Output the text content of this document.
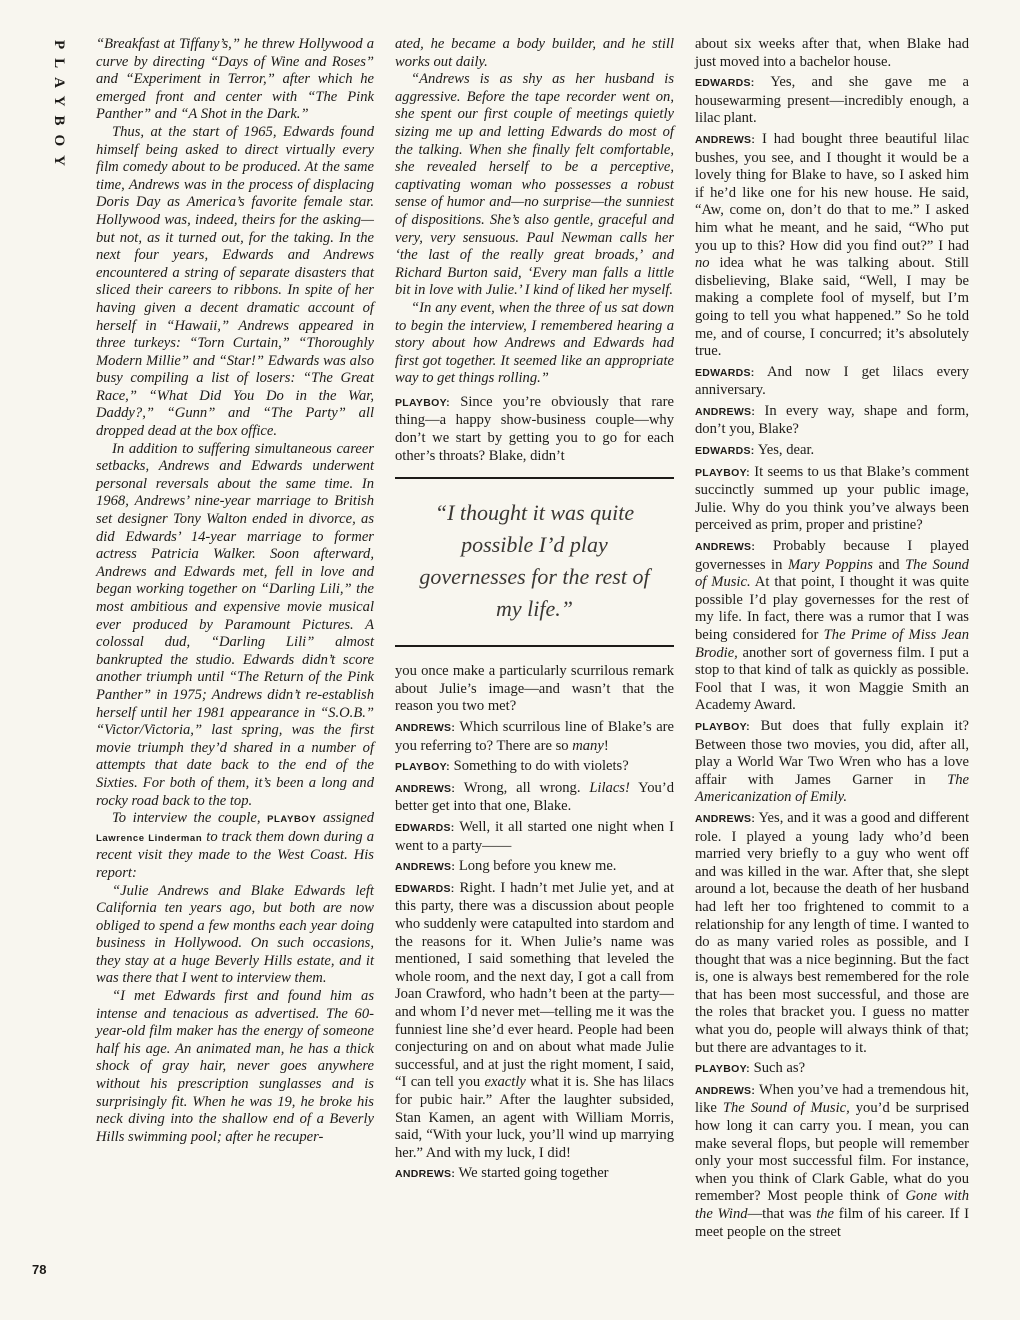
PLAYBOY
78

“Breakfast at Tiffany’s,” he threw Hollywood a curve by directing “Days of Wine and Roses” and “Experiment in Terror,” after which he emerged front and center with “The Pink Panther” and “A Shot in the Dark.”

Thus, at the start of 1965, Edwards found himself being asked to direct virtually every film comedy about to be produced. At the same time, Andrews was in the process of displacing Doris Day as America’s favorite female star. Hollywood was, indeed, theirs for the asking—but not, as it turned out, for the taking. In the next four years, Edwards and Andrews encountered a string of separate disasters that sliced their careers to ribbons. In spite of her having given a decent dramatic account of herself in “Hawaii,” Andrews appeared in three turkeys: “Torn Curtain,” “Thoroughly Modern Millie” and “Star!” Edwards was also busy compiling a list of losers: “The Great Race,” “What Did You Do in the War, Daddy?,” “Gunn” and “The Party” all dropped dead at the box office.

In addition to suffering simultaneous career setbacks, Andrews and Edwards underwent personal reversals about the same time. In 1968, Andrews’ nine-year marriage to British set designer Tony Walton ended in divorce, as did Edwards’ 14-year marriage to former actress Patricia Walker. Soon afterward, Andrews and Edwards met, fell in love and began working together on “Darling Lili,” the most ambitious and expensive movie musical ever produced by Paramount Pictures. A colossal dud, “Darling Lili” almost bankrupted the studio. Edwards didn’t score another triumph until “The Return of the Pink Panther” in 1975; Andrews didn’t re-establish herself until her 1981 appearance in “S.O.B.” “Victor/Victoria,” last spring, was the first movie triumph they’d shared in a number of attempts that date back to the end of the Sixties. For both of them, it’s been a long and rocky road back to the top.

To interview the couple, PLAYBOY assigned Lawrence Linderman to track them down during a recent visit they made to the West Coast. His report:

“Julie Andrews and Blake Edwards left California ten years ago, but both are now obliged to spend a few months each year doing business in Hollywood. On such occasions, they stay at a huge Beverly Hills estate, and it was there that I went to interview them.

“I met Edwards first and found him as intense and tenacious as advertised. The 60-year-old film maker has the energy of someone half his age. An animated man, he has a thick shock of gray hair, never goes anywhere without his prescription sunglasses and is surprisingly fit. When he was 19, he broke his neck diving into the shallow end of a Beverly Hills swimming pool; after he recuper-

ated, he became a body builder, and he still works out daily.

“Andrews is as shy as her husband is aggressive. Before the tape recorder went on, she spent our first couple of meetings quietly sizing me up and letting Edwards do most of the talking. When she finally felt comfortable, she revealed herself to be a perceptive, captivating woman who possesses a robust sense of humor and—no surprise—the sunniest of dispositions. She’s also gentle, graceful and very, very sensuous. Paul Newman calls her ‘the last of the really great broads,’ and Richard Burton said, ‘Every man falls a little bit in love with Julie.’ I kind of liked her myself.

“In any event, when the three of us sat down to begin the interview, I remembered hearing a story about how Andrews and Edwards had first got together. It seemed like an appropriate way to get things rolling.”

PLAYBOY: Since you’re obviously that rare thing—a happy show-business couple—why don’t we start by getting you to go for each other’s throats? Blake, didn’t

“I thought it was quite possible I’d play governesses for the rest of my life.”

you once make a particularly scurrilous remark about Julie’s image—and wasn’t that the reason you two met?

ANDREWS: Which scurrilous line of Blake’s are you referring to? There are so many!

PLAYBOY: Something to do with violets?

ANDREWS: Wrong, all wrong. Lilacs! You’d better get into that one, Blake.

EDWARDS: Well, it all started one night when I went to a party——

ANDREWS: Long before you knew me.

EDWARDS: Right. I hadn’t met Julie yet, and at this party, there was a discussion about people who suddenly were catapulted into stardom and the reasons for it. When Julie’s name was mentioned, I said something that leveled the whole room, and the next day, I got a call from Joan Crawford, who hadn’t been at the party—and whom I’d never met—telling me it was the funniest line she’d ever heard. People had been conjecturing on and on about what made Julie successful, and at just the right moment, I said, “I can tell you exactly what it is. She has lilacs for pubic hair.” After the laughter subsided, Stan Kamen, an agent with William Morris, said, “With your luck, you’ll wind up marrying her.” And with my luck, I did!

ANDREWS: We started going together

about six weeks after that, when Blake had just moved into a bachelor house.

EDWARDS: Yes, and she gave me a housewarming present—incredibly enough, a lilac plant.

ANDREWS: I had bought three beautiful lilac bushes, you see, and I thought it would be a lovely thing for Blake to have, so I asked him if he’d like one for his new house. He said, “Aw, come on, don’t do that to me.” I asked him what he meant, and he said, “Who put you up to this? How did you find out?” I had no idea what he was talking about. Still disbelieving, Blake said, “Well, I may be making a complete fool of myself, but I’m going to tell you what happened.” So he told me, and of course, I concurred; it’s absolutely true.

EDWARDS: And now I get lilacs every anniversary.

ANDREWS: In every way, shape and form, don’t you, Blake?

EDWARDS: Yes, dear.

PLAYBOY: It seems to us that Blake’s comment succinctly summed up your public image, Julie. Why do you think you’ve always been perceived as prim, proper and pristine?

ANDREWS: Probably because I played governesses in Mary Poppins and The Sound of Music. At that point, I thought it was quite possible I’d play governesses for the rest of my life. In fact, there was a rumor that I was being considered for The Prime of Miss Jean Brodie, another sort of governess film. I put a stop to that kind of talk as quickly as possible. Fool that I was, it won Maggie Smith an Academy Award.

PLAYBOY: But does that fully explain it? Between those two movies, you did, after all, play a World War Two Wren who has a love affair with James Garner in The Americanization of Emily.

ANDREWS: Yes, and it was a good and different role. I played a young lady who’d been married very briefly to a guy who went off and was killed in the war. After that, she slept around a lot, because the death of her husband had left her too frightened to commit to a relationship for any length of time. I wanted to do as many varied roles as possible, and I thought that was a nice beginning. But the fact is, one is always best remembered for the role that has been most successful, and those are the roles that bracket you. I guess no matter what you do, people will always think of that; but there are advantages to it.

PLAYBOY: Such as?

ANDREWS: When you’ve had a tremendous hit, like The Sound of Music, you’d be surprised how long it can carry you. I mean, you can make several flops, but people will remember only your most successful film. For instance, when you think of Clark Gable, what do you remember? Most people think of Gone with the Wind—that was the film of his career. If I meet people on the street
